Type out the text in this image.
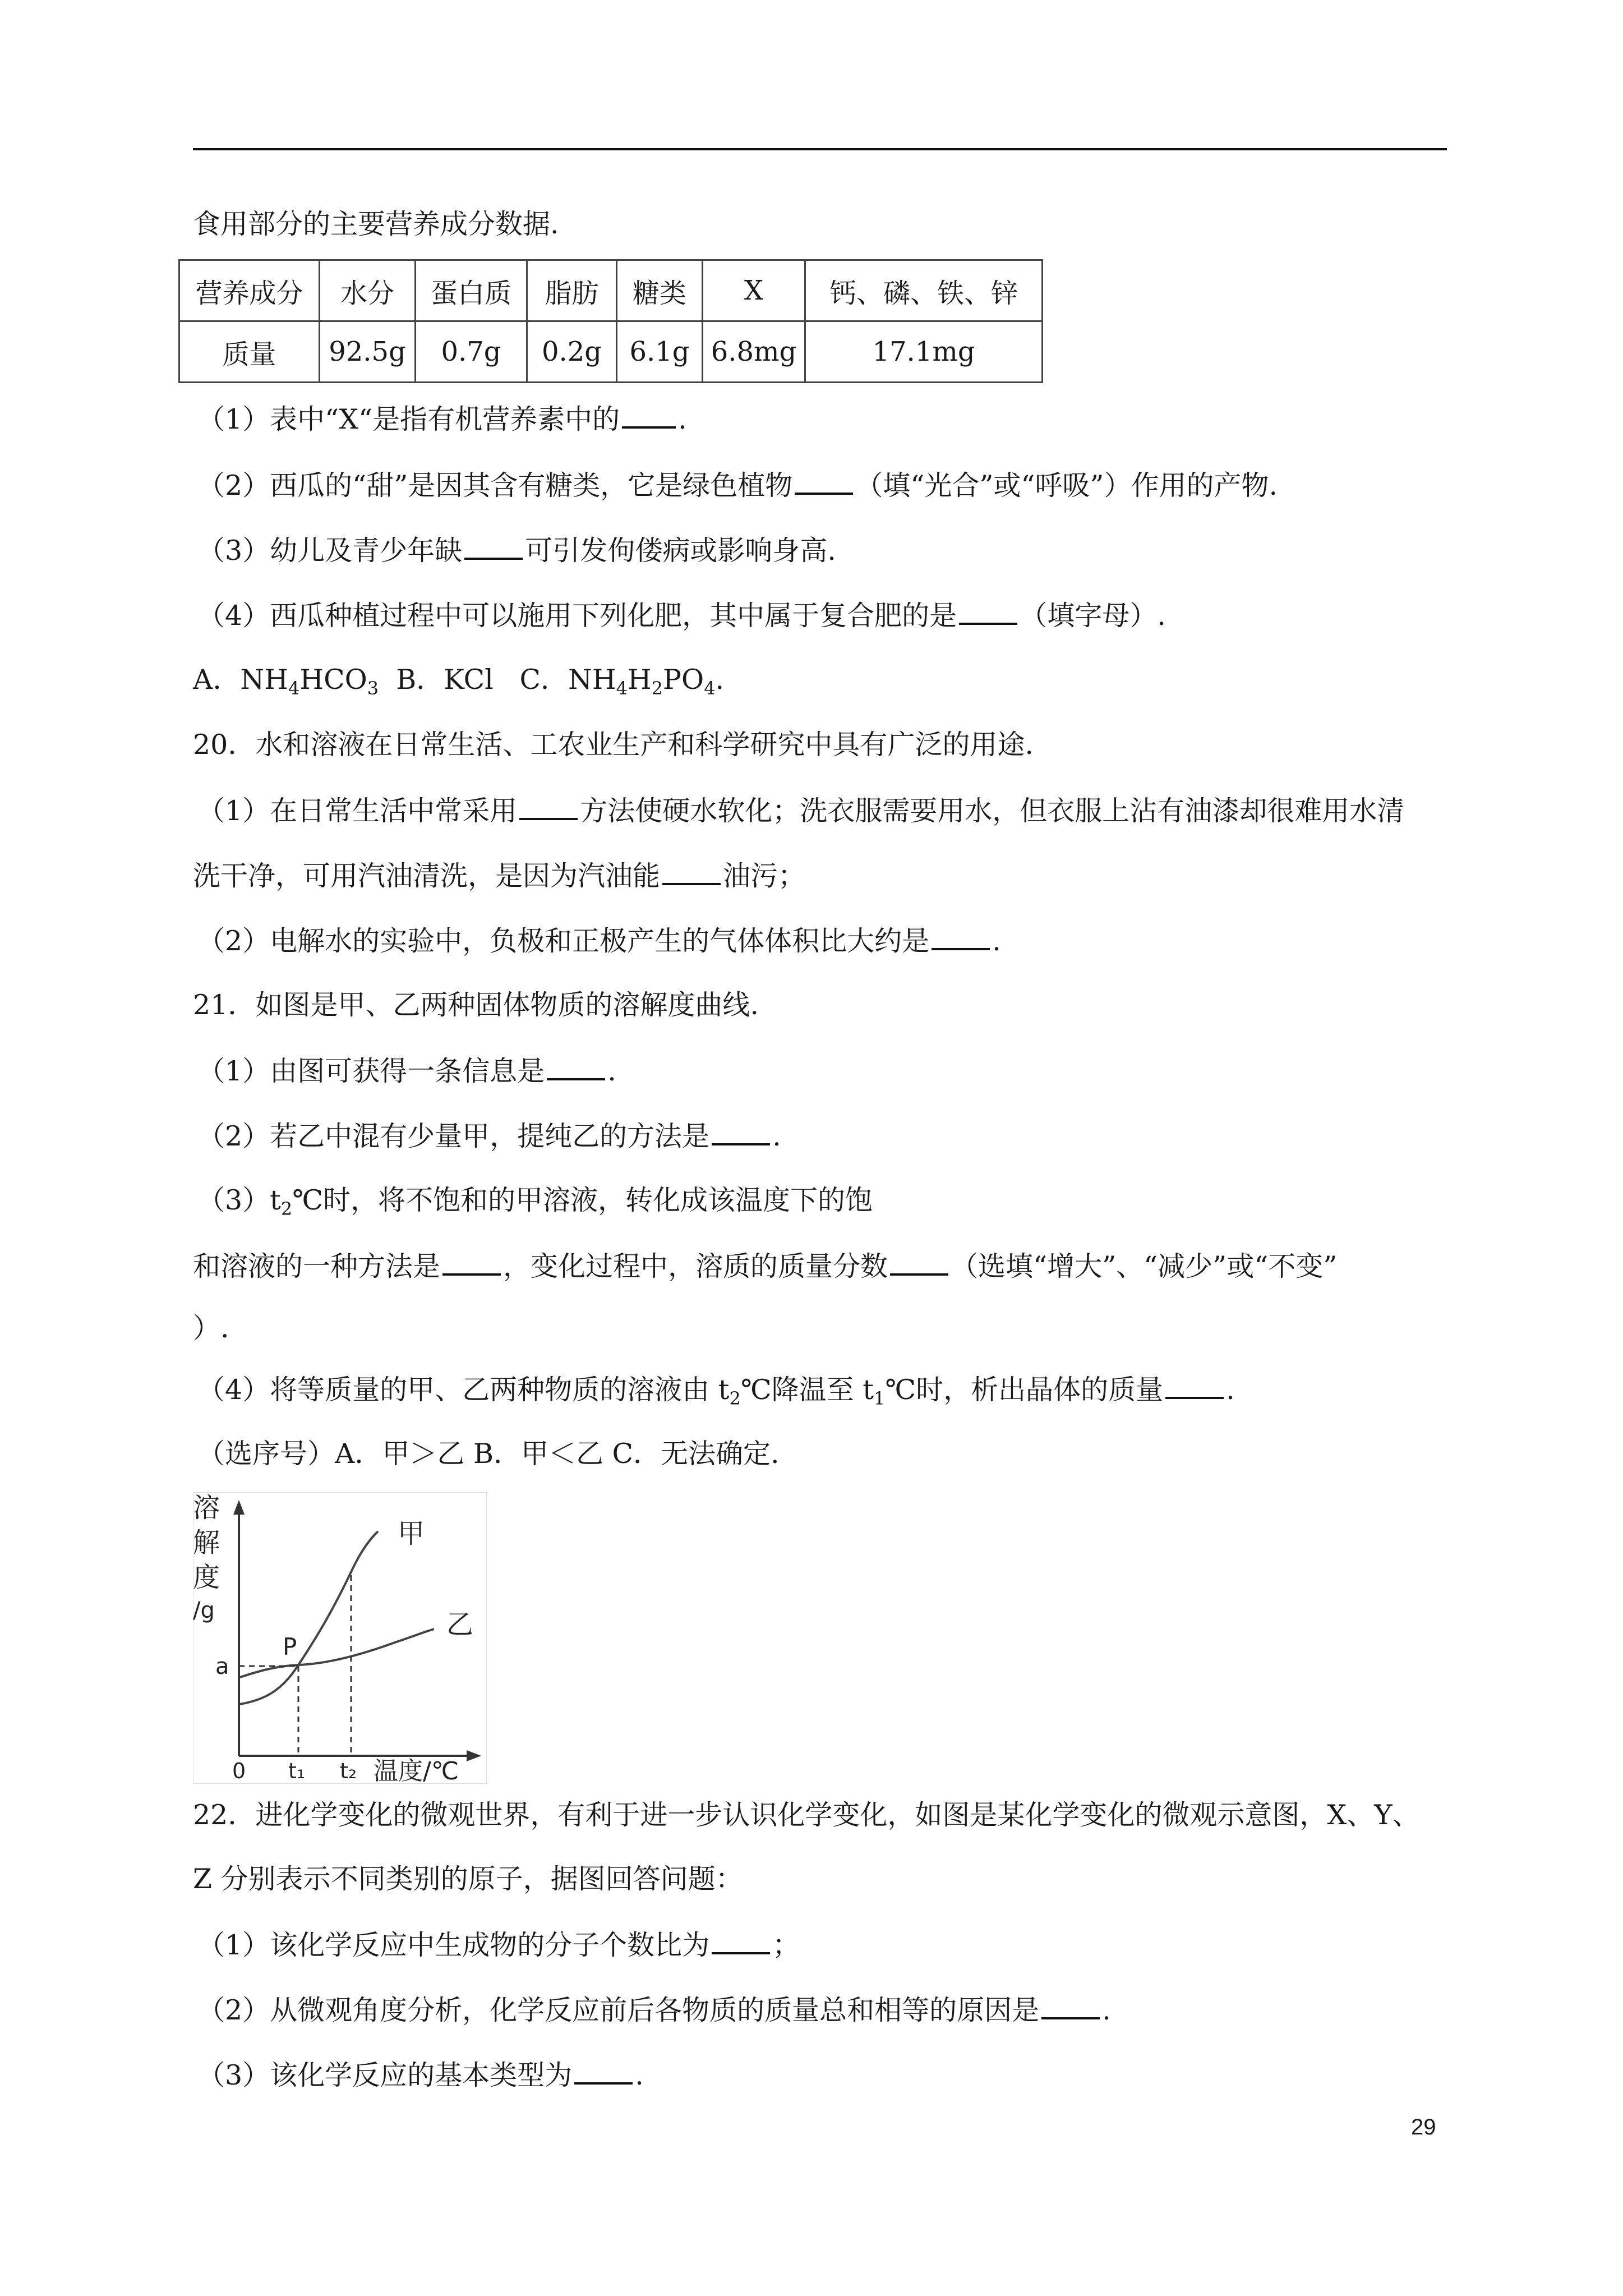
食用部分的主要营养成分数据.
营养成分	水分	蛋白质	脂肪	糖类	X	钙、磷、铁、锌
质量	92.5g	0.7g	0.2g	6.1g	6.8mg	17.1mg
（1）表中“X“是指有机营养素中的 .
（2）西瓜的“甜”是因其含有糖类，它是绿色植物 （填“光合”或“呼吸”）作用的产物.
（3）幼儿及青少年缺 可引发佝偻病或影响身高.
（4）西瓜种植过程中可以施用下列化肥，其中属于复合肥的是 （填字母）.
A．$NH_4HCO_3$  B．KCl   C．$NH_4H_2PO_4$.
20．水和溶液在日常生活、工农业生产和科学研究中具有广泛的用途.
（1）在日常生活中常采用 方法使硬水软化；洗衣服需要用水，但衣服上沾有油漆却很难用水清
洗干净，可用汽油清洗，是因为汽油能 油污；
（2）电解水的实验中，负极和正极产生的气体体积比大约是 .
21．如图是甲、乙两种固体物质的溶解度曲线.
（1）由图可获得一条信息是 .
（2）若乙中混有少量甲，提纯乙的方法是 .
$(3)t_2℃$时，将不饱和的甲溶液，转化成该温度下的饱
和溶液的一种方法是 ，变化过程中，溶质的质量分数 （选填“增大”、“减少”或“不变”
）.
（4）将等质量的甲、乙两种物质的溶液由 $t_2℃$降温至 $t_1℃$时，析出晶体的质量 .
（选序号）A．甲＞乙 B．甲＜乙 C．无法确定.
溶
解
度
/g
a
P
甲
乙
0 t₁ t₂ 温度/℃
22．进化学变化的微观世界，有利于进一步认识化学变化，如图是某化学变化的微观示意图，X、Y、
Z 分别表示不同类别的原子，据图回答问题：
（1）该化学反应中生成物的分子个数比为 ；
（2）从微观角度分析，化学反应前后各物质的质量总和相等的原因是 .
（3）该化学反应的基本类型为 .
29
